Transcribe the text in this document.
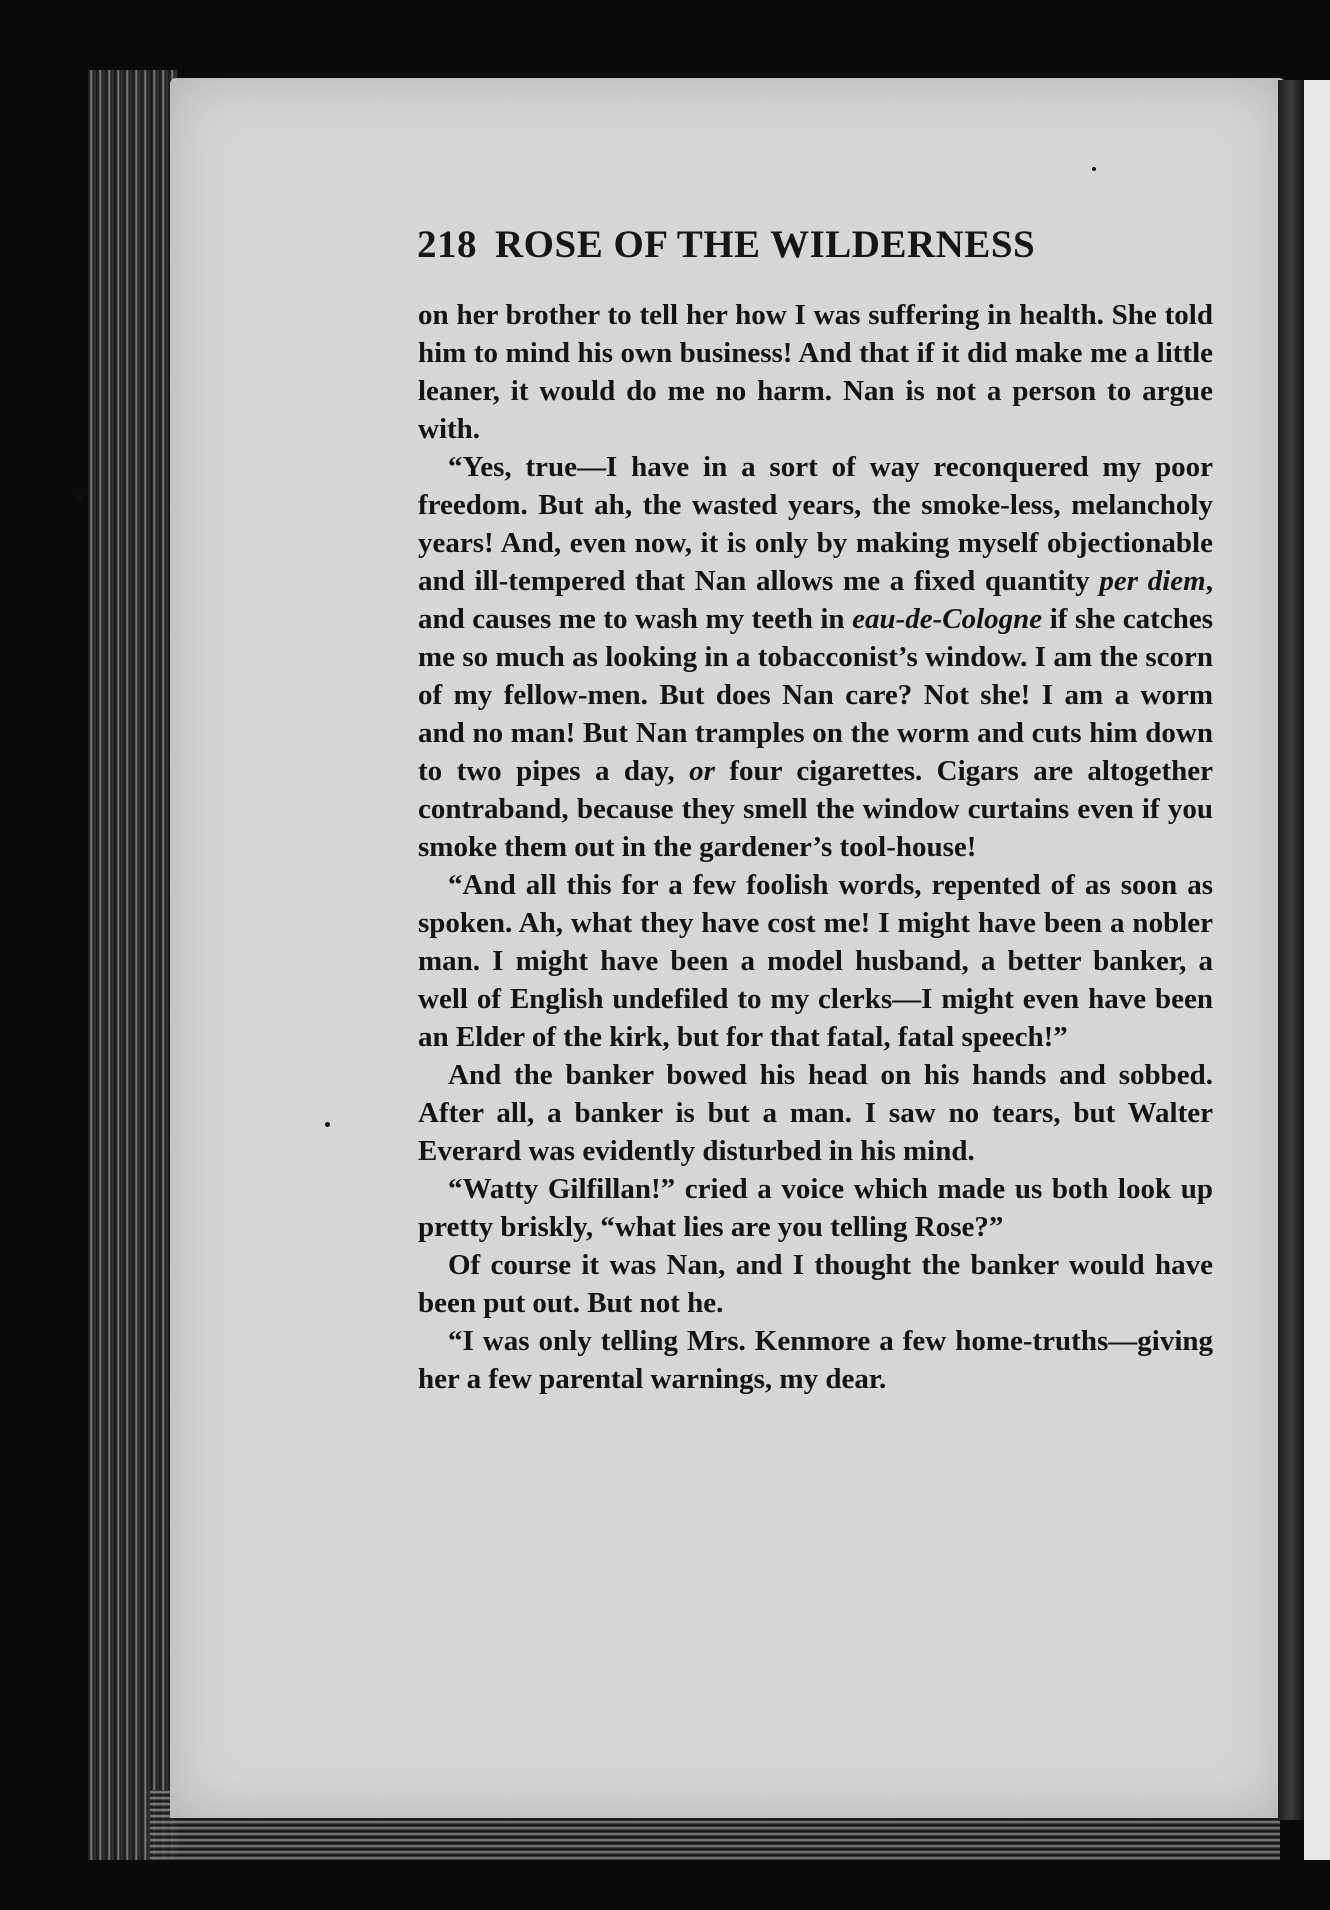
218 ROSE OF THE WILDERNESS

on her brother to tell her how I was suffering in health. She told him to mind his own business! And that if it did make me a little leaner, it would do me no harm. Nan is not a person to argue with.

“Yes, true—I have in a sort of way reconquered my poor freedom. But ah, the wasted years, the smoke-less, melancholy years! And, even now, it is only by making myself objectionable and ill-tempered that Nan allows me a fixed quantity per diem, and causes me to wash my teeth in eau-de-Cologne if she catches me so much as looking in a tobacconist’s window. I am the scorn of my fellow-men. But does Nan care? Not she! I am a worm and no man! But Nan tramples on the worm and cuts him down to two pipes a day, or four cigarettes. Cigars are altogether contraband, because they smell the window curtains even if you smoke them out in the gardener’s tool-house!

“And all this for a few foolish words, repented of as soon as spoken. Ah, what they have cost me! I might have been a nobler man. I might have been a model husband, a better banker, a well of English undefiled to my clerks—I might even have been an Elder of the kirk, but for that fatal, fatal speech!”

And the banker bowed his head on his hands and sobbed. After all, a banker is but a man. I saw no tears, but Walter Everard was evidently disturbed in his mind.

“Watty Gilfillan!” cried a voice which made us both look up pretty briskly, “what lies are you telling Rose?”

Of course it was Nan, and I thought the banker would have been put out. But not he.

“I was only telling Mrs. Kenmore a few home-truths—giving her a few parental warnings, my dear.
